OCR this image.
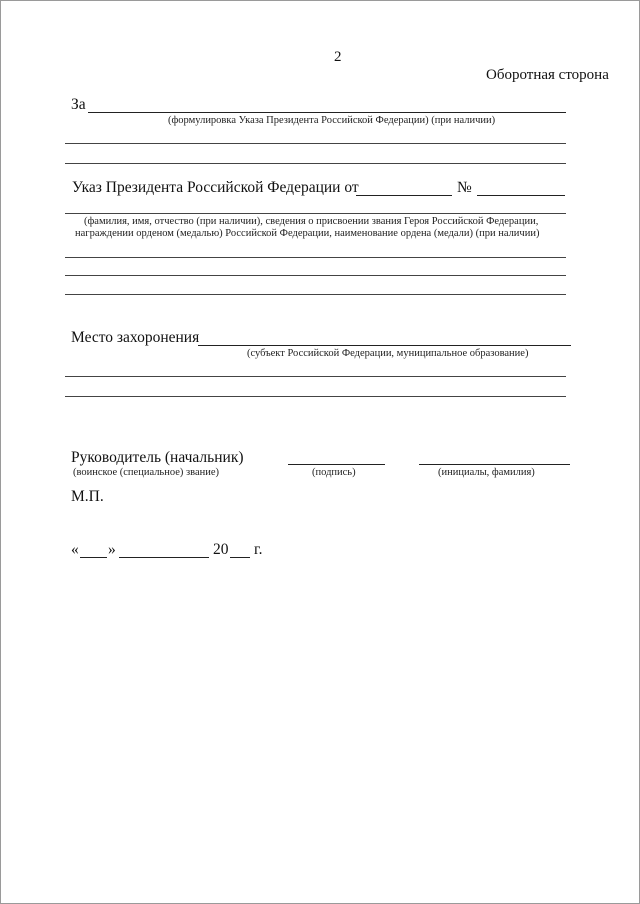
2
Оборотная сторона
За
(формулировка Указа Президента Российской Федерации) (при наличии)
Указ Президента Российской Федерации от	№
(фамилия, имя, отчество (при наличии), сведения о присвоении звания Героя Российской Федерации,
награждении орденом (медалью) Российской Федерации, наименование ордена (медали) (при наличии)
Место захоронения
(субъект Российской Федерации, муниципальное образование)
Руководитель (начальник)
(воинское (специальное) звание)	(подпись)	(инициалы, фамилия)
М.П.
« »	20 г.
